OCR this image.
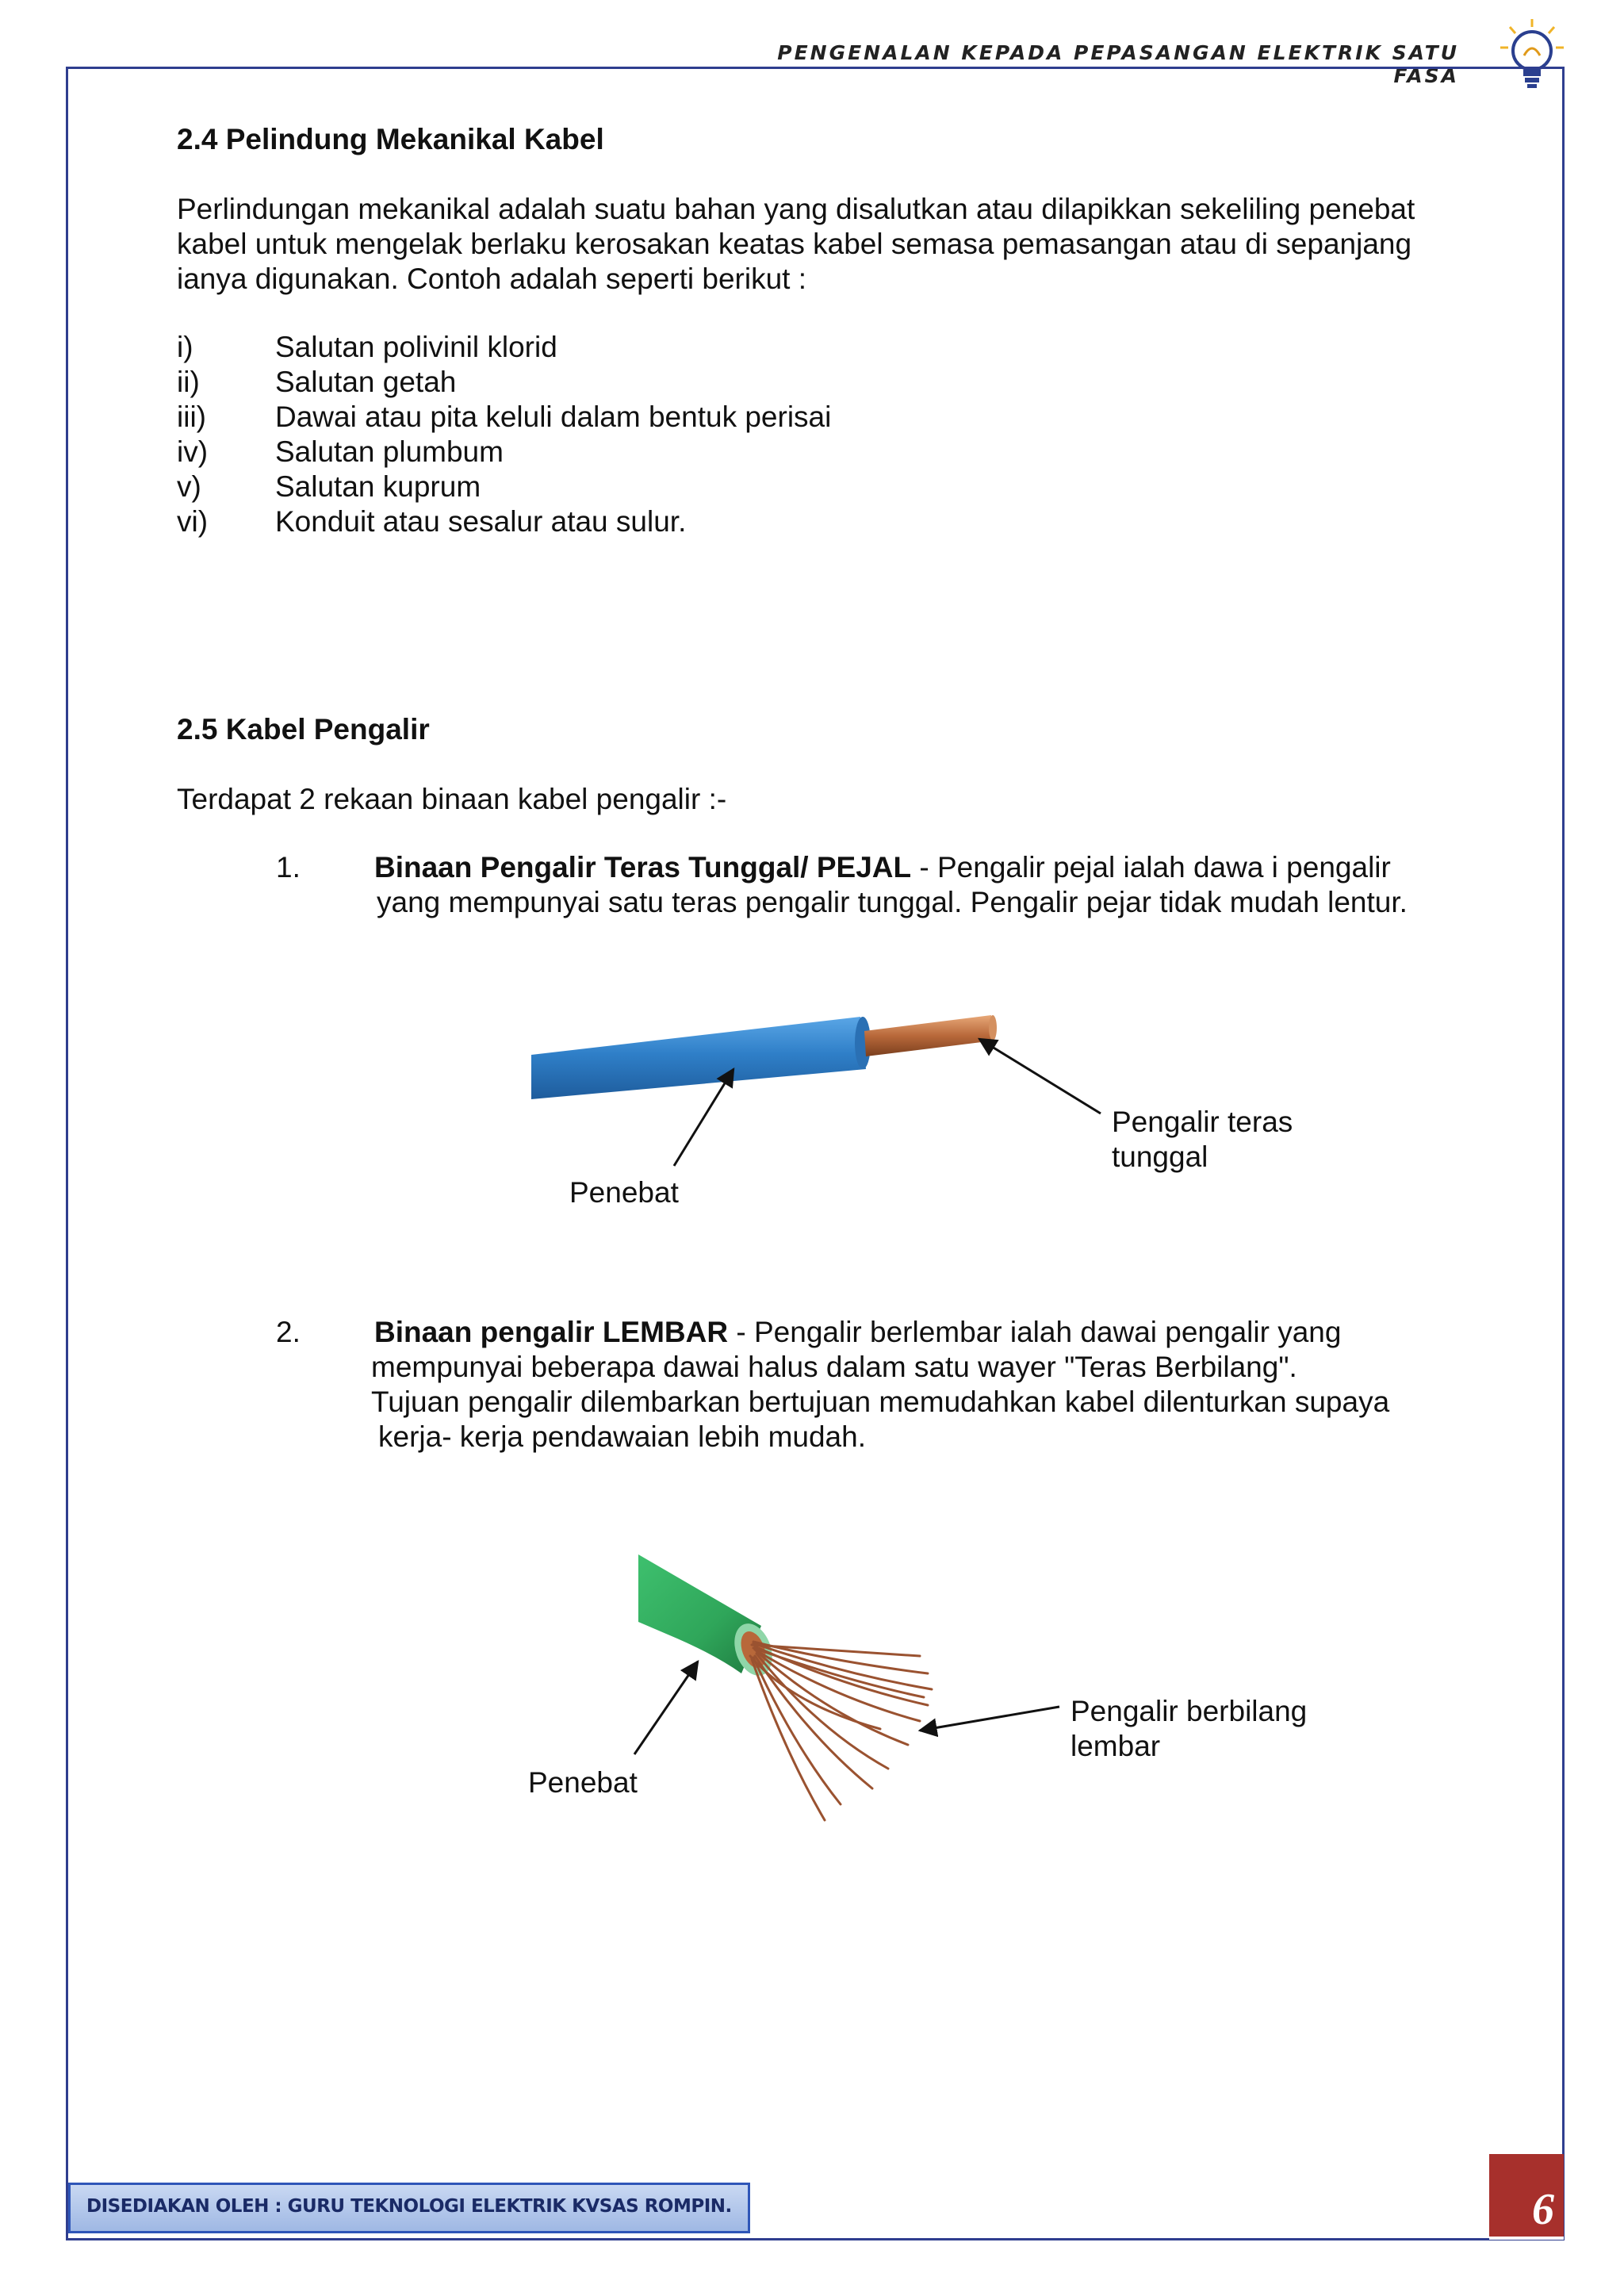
PENGENALAN KEPADA PEPASANGAN ELEKTRIK SATU FASA
2.4 Pelindung Mekanikal Kabel
Perlindungan mekanikal adalah suatu bahan yang disalutkan atau dilapikkan sekeliling penebat
kabel untuk mengelak berlaku kerosakan keatas kabel semasa pemasangan atau di sepanjang
ianya digunakan. Contoh adalah seperti berikut :
i)	Salutan polivinil klorid
ii)	Salutan getah
iii) Dawai atau pita keluli dalam bentuk perisai
iv) Salutan plumbum
v)	Salutan kuprum
vi) Konduit atau sesalur atau sulur.
2.5 Kabel Pengalir
Terdapat 2 rekaan binaan kabel pengalir :-
1.	Binaan Pengalir Teras Tunggal/ PEJAL - Pengalir pejal ialah dawa i pengalir
yang mempunyai satu teras pengalir tunggal. Pengalir pejar tidak mudah lentur.
Pengalir teras
tunggal
Penebat
2.	Binaan pengalir LEMBAR - Pengalir berlembar ialah dawai pengalir yang
mempunyai beberapa dawai halus dalam satu wayer "Teras Berbilang".
Tujuan pengalir dilembarkan bertujuan memudahkan kabel dilenturkan supaya
kerja- kerja pendawaian lebih mudah.
Pengalir berbilang
lembar
Penebat
DISEDIAKAN OLEH : GURU TEKNOLOGI ELEKTRIK KVSAS ROMPIN.	6
